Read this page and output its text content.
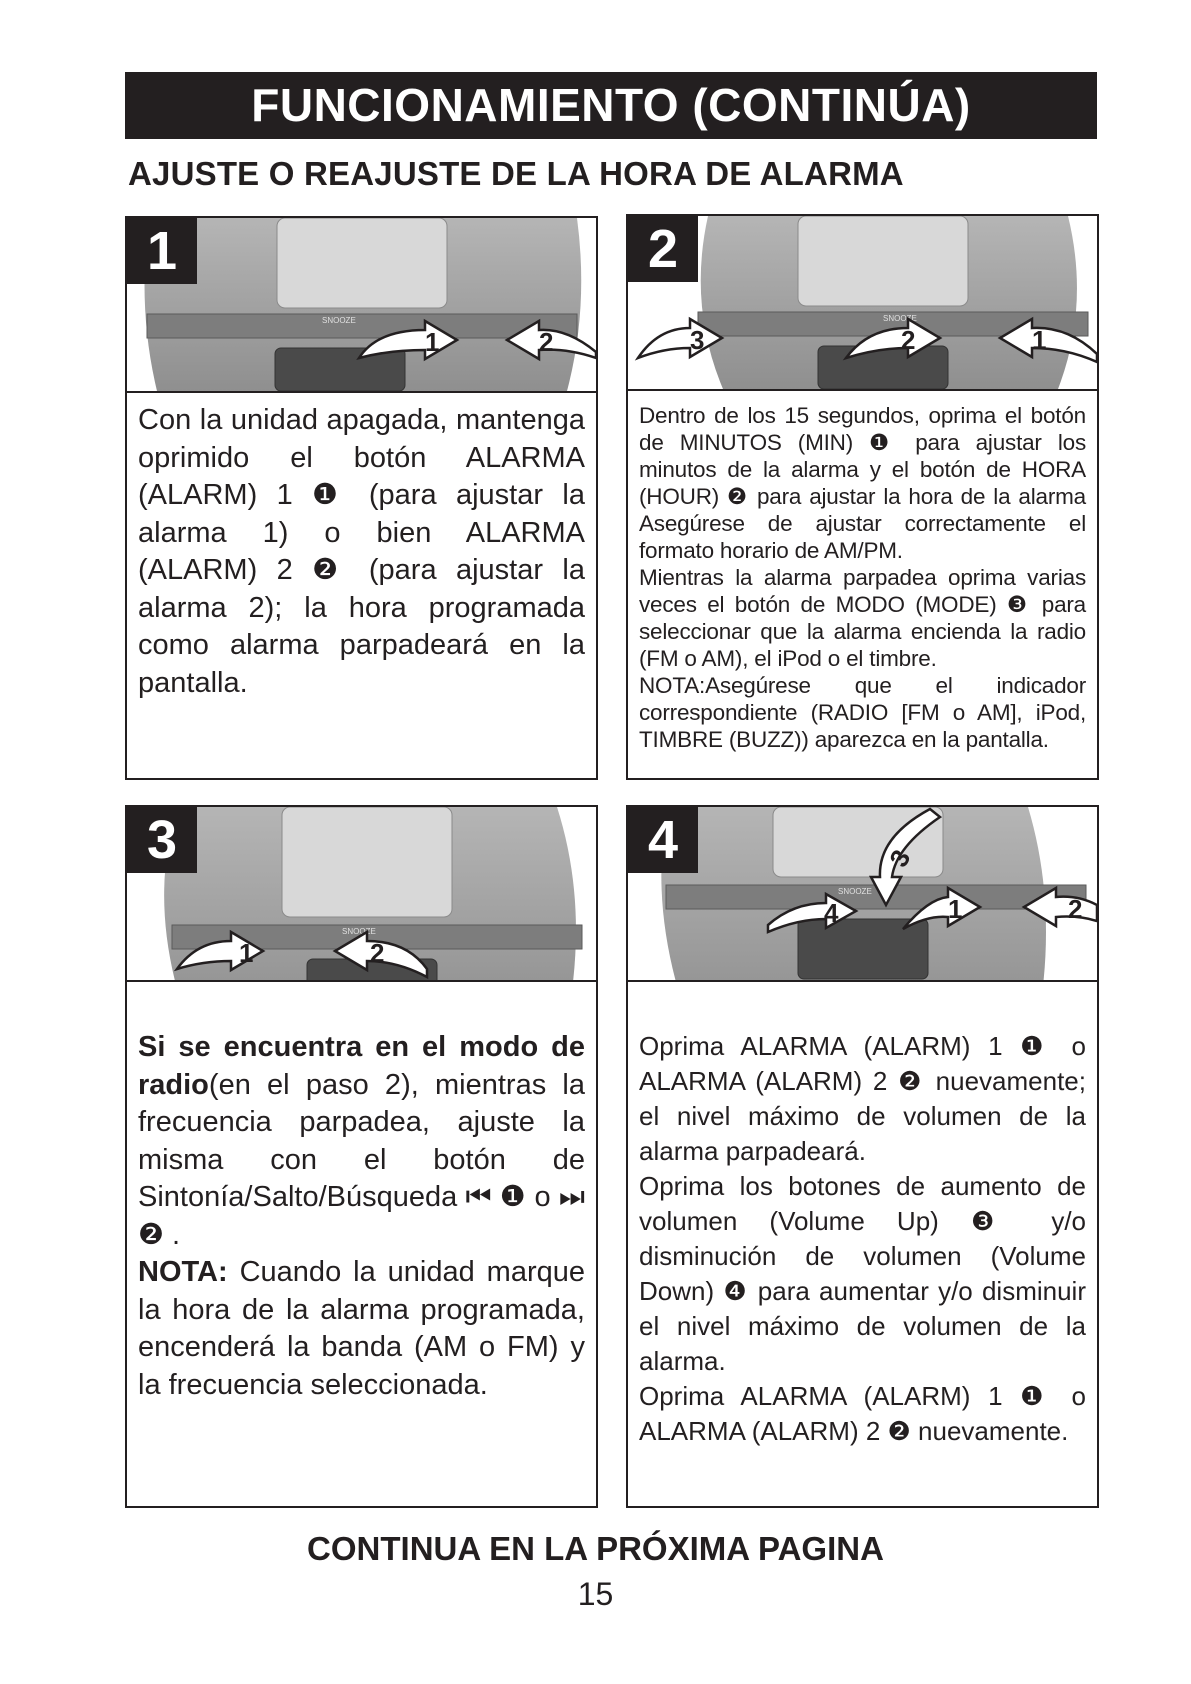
FUNCIONAMIENTO (CONTINÚA)
AJUSTE O REAJUSTE DE LA HORA DE ALARMA
SNOOZE
1	2
1

Con la unidad apagada, mantenga oprimido el botón ALARMA (ALARM) 1 ❶ (para ajustar la alarma 1) o bien ALARMA (ALARM) 2 ❷ (para ajustar la alarma 2); la hora programada como alarma parpadeará en la pantalla.

SNOOZE
3	2	1
2

Dentro de los 15 segundos, oprima el botón de MINUTOS (MIN) ❶ para ajustar los minutos de la alarma y el botón de HORA (HOUR) ❷ para ajustar la hora de la alarma Asegúrese de ajustar correctamente el formato horario de AM/PM.

Mientras la alarma parpadea oprima varias veces el botón de MODO (MODE) ❸ para seleccionar que la alarma encienda la radio (FM o AM), el iPod o el timbre.

NOTA:Asegúrese que el indicador correspondiente (RADIO [FM o AM], iPod, TIMBRE (BUZZ)) aparezca en la pantalla.

SNOOZE
1	2
3

Si se encuentra en el modo de radio(en el paso 2), mientras la frecuencia parpadea, ajuste la misma con el botón de Sintonía/Salto/Búsqueda ⏮ ❶ o ⏭ ❷ .

NOTA: Cuando la unidad marque la hora de la alarma programada, encenderá la banda (AM o FM) y la frecuencia seleccionada.

SNOOZE
3
4	1	2
4

Oprima ALARMA (ALARM) 1 ❶ o ALARMA (ALARM) 2 ❷ nuevamente; el nivel máximo de volumen de la alarma parpadeará.

Oprima los botones de aumento de volumen (Volume Up) ❸ y/o disminución de volumen (Volume Down) ❹ para aumentar y/o disminuir el nivel máximo de volumen de la alarma.

Oprima ALARMA (ALARM) 1 ❶ o ALARMA (ALARM) 2 ❷ nuevamente.

CONTINUA EN LA PRÓXIMA PAGINA
15
